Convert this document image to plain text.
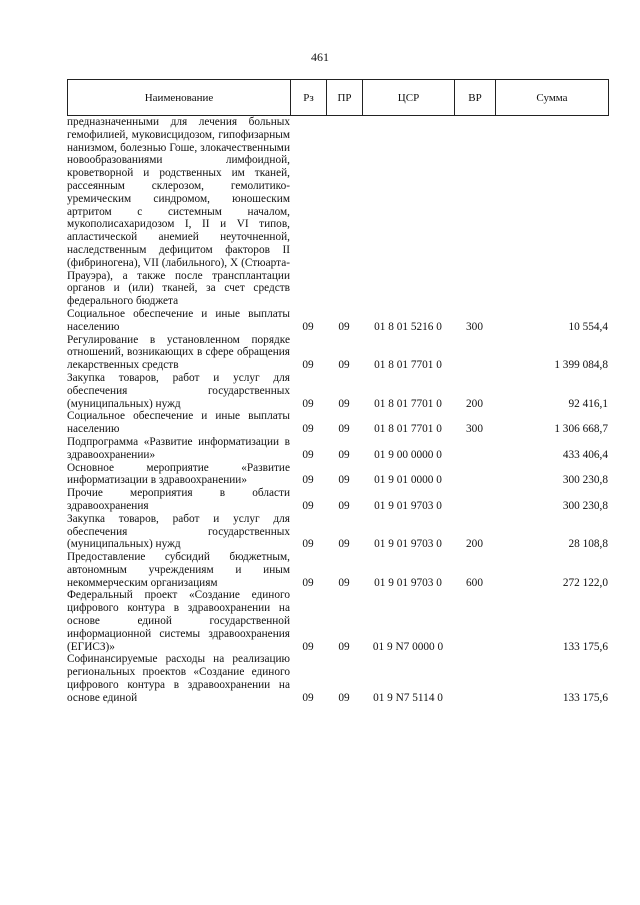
461
Наименование	Рз	ПР	ЦСР	ВР	Сумма
предназначенными для лечения больных гемофилией, муковисцидозом, гипофизарным нанизмом, болезнью Гоше, злокачественными новообразованиями лимфоидной, кроветворной и родственных им тканей, рассеянным склерозом, гемолитико-уремическим синдромом, юношеским артритом с системным началом, мукополисахаридозом I, II и VI типов, апластической анемией неуточненной, наследственным дефицитом факторов II (фибриногена), VII (лабильного), X (Стюарта-Прауэра), а также после трансплантации органов и (или) тканей, за счет средств федерального бюджета					
Социальное обеспечение и иные выплаты населению	09	09	01 8 01 5216 0	300	10 554,4
Регулирование в установленном порядке отношений, возникающих в сфере обращения лекарственных средств	09	09	01 8 01 7701 0		1 399 084,8
Закупка товаров, работ и услуг для обеспечения государственных (муниципальных) нужд	09	09	01 8 01 7701 0	200	92 416,1
Социальное обеспечение и иные выплаты населению	09	09	01 8 01 7701 0	300	1 306 668,7
Подпрограмма «Развитие информатизации в здравоохранении»	09	09	01 9 00 0000 0		433 406,4
Основное мероприятие «Развитие информатизации в здравоохранении»	09	09	01 9 01 0000 0		300 230,8
Прочие мероприятия в области здравоохранения	09	09	01 9 01 9703 0		300 230,8
Закупка товаров, работ и услуг для обеспечения государственных (муниципальных) нужд	09	09	01 9 01 9703 0	200	28 108,8
Предоставление субсидий бюджетным, автономным учреждениям и иным некоммерческим организациям	09	09	01 9 01 9703 0	600	272 122,0
Федеральный проект «Создание единого цифрового контура в здравоохранении на основе единой государственной информационной системы здравоохранения (ЕГИСЗ)»	09	09	01 9 N7 0000 0		133 175,6
Софинансируемые расходы на реализацию региональных проектов «Создание единого цифрового контура в здравоохранении на основе единой	09	09	01 9 N7 5114 0		133 175,6
